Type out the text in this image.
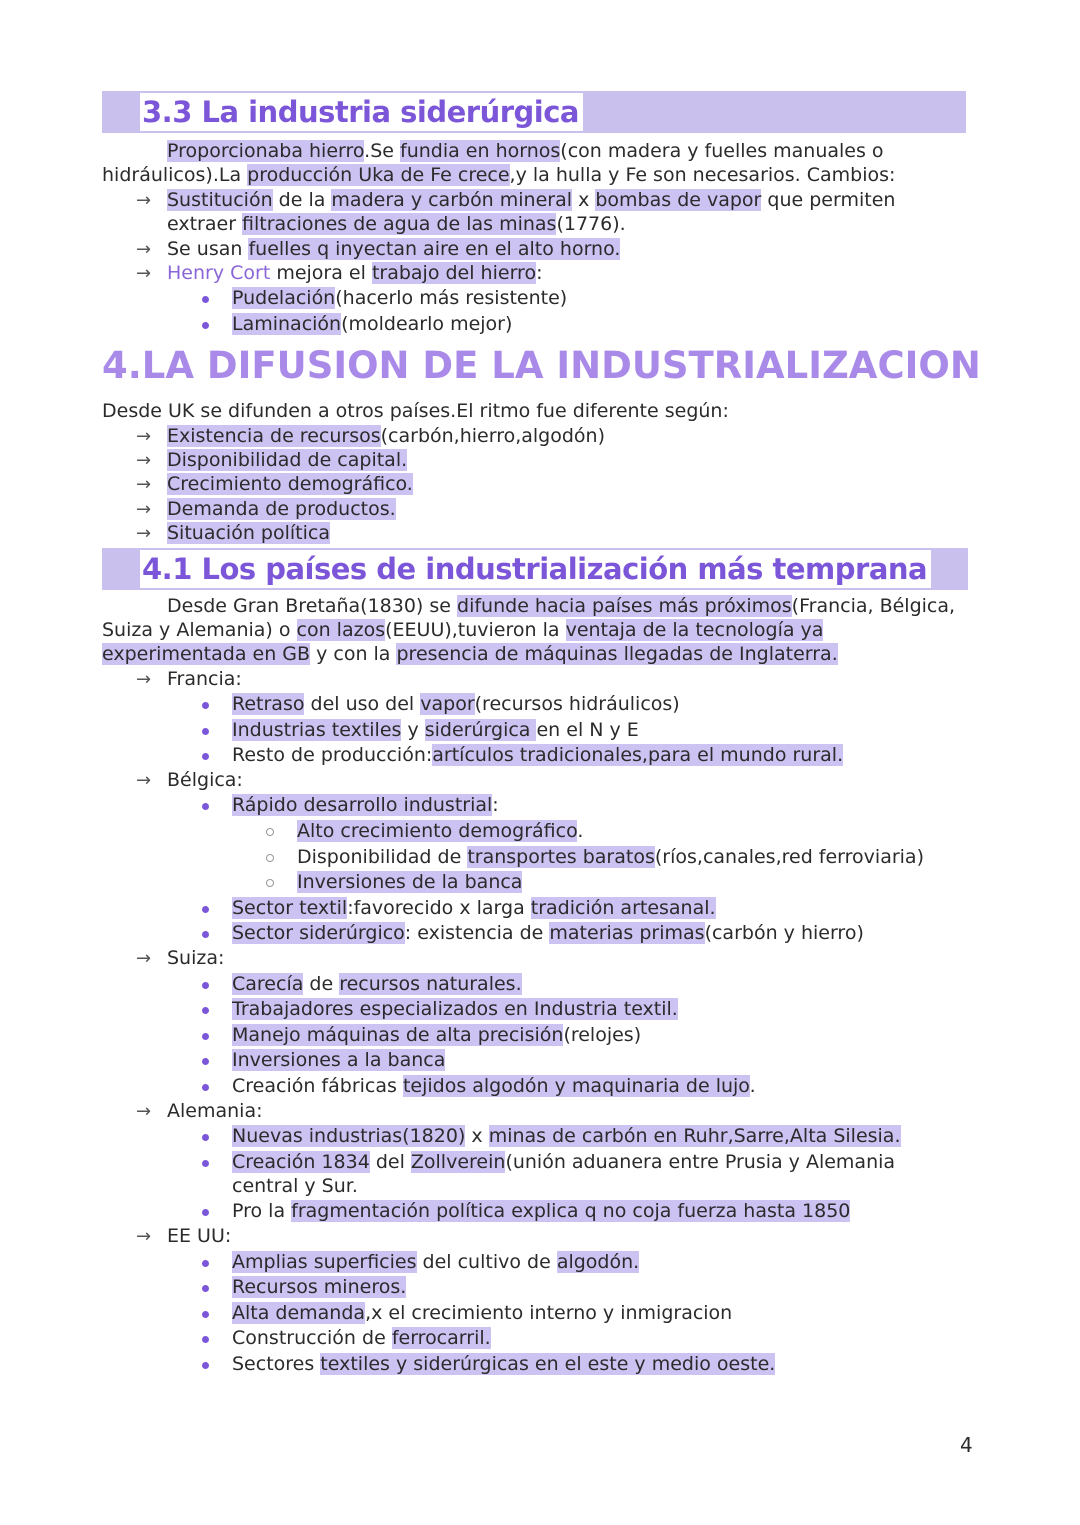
3.3 La industria siderúrgica
Proporcionaba hierro.Se fundia en hornos(con madera y fuelles manuales o
hidráulicos).La producción Uka de Fe crece,y la hulla y Fe son necesarios. Cambios:
→ Sustitución de la madera y carbón mineral x bombas de vapor que permiten
extraer filtraciones de agua de las minas(1776).
→ Se usan fuelles q inyectan aire en el alto horno.
→ Henry Cort mejora el trabajo del hierro:
Pudelación(hacerlo más resistente)
Laminación(moldearlo mejor)
4.LA DIFUSION DE LA INDUSTRIALIZACION
Desde UK se difunden a otros países.El ritmo fue diferente según:
→ Existencia de recursos(carbón,hierro,algodón)
→ Disponibilidad de capital.
→ Crecimiento demográfico.
→ Demanda de productos.
→ Situación política
4.1 Los países de industrialización más temprana
Desde Gran Bretaña(1830) se difunde hacia países más próximos(Francia, Bélgica,
Suiza y Alemania) o con lazos(EEUU),tuvieron la ventaja de la tecnología ya
experimentada en GB y con la presencia de máquinas llegadas de Inglaterra.
→ Francia:
Retraso del uso del vapor(recursos hidráulicos)
Industrias textiles y siderúrgica en el N y E
Resto de producción:artículos tradicionales,para el mundo rural.
→ Bélgica:
Rápido desarrollo industrial:
Alto crecimiento demográfico.
Disponibilidad de transportes baratos(ríos,canales,red ferroviaria)
Inversiones de la banca
Sector textil:favorecido x larga tradición artesanal.
Sector siderúrgico: existencia de materias primas(carbón y hierro)
→ Suiza:
Carecía de recursos naturales.
Trabajadores especializados en Industria textil.
Manejo máquinas de alta precisión(relojes)
Inversiones a la banca
Creación fábricas tejidos algodón y maquinaria de lujo.
→ Alemania:
Nuevas industrias(1820) x minas de carbón en Ruhr,Sarre,Alta Silesia.
Creación 1834 del Zollverein(unión aduanera entre Prusia y Alemania
central y Sur.
Pro la fragmentación política explica q no coja fuerza hasta 1850
→ EE UU:
Amplias superficies del cultivo de algodón.
Recursos mineros.
Alta demanda,x el crecimiento interno y inmigracion
Construcción de ferrocarril.
Sectores textiles y siderúrgicas en el este y medio oeste.
4
